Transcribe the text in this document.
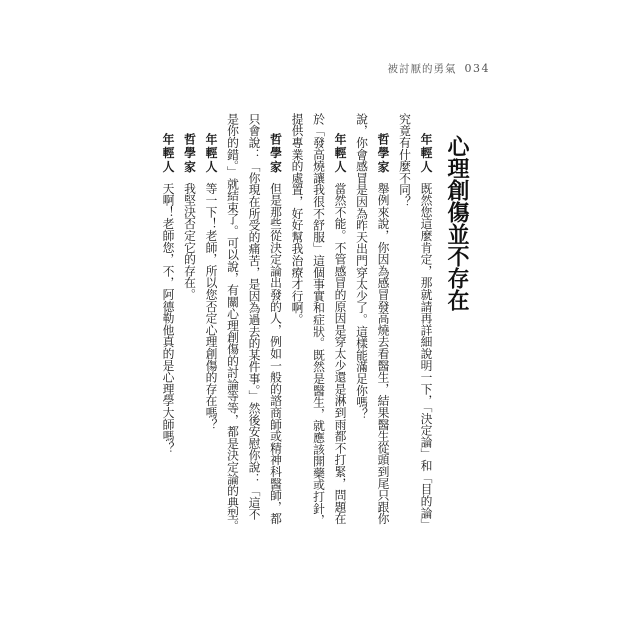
被討厭的勇氣 034
心理創傷並不存在
年輕人既然您這麼肯定，那就請再詳細說明一下，「決定論」和「目的論」
究竟有什麼不同？
哲學家舉例來說，你因為感冒發高燒去看醫生，結果醫生從頭到尾只跟你
說，你會感冒是因為昨天出門穿太少了。這樣能滿足你嗎？
年輕人當然不能。不管感冒的原因是穿太少還是淋到雨都不打緊，問題在
於「發高燒讓我很不舒服」這個事實和症狀。既然是醫生，就應該開藥或打針，
提供專業的處置，好好幫我治療才行啊。
哲學家但是那些從決定論出發的人，例如一般的諮商師或精神科醫師，都
只會說：「你現在所受的痛苦，是因為過去的某件事。」然後安慰你說：「這不
是你的錯。」就結束了。可以說，有關心理創傷的討論等等，都是決定論的典型。
年輕人等一下！老師，所以您否定心理創傷的存在嗎？
哲學家我堅決否定它的存在。
年輕人天啊！老師您，不，阿德勒他真的是心理學大師嗎？
